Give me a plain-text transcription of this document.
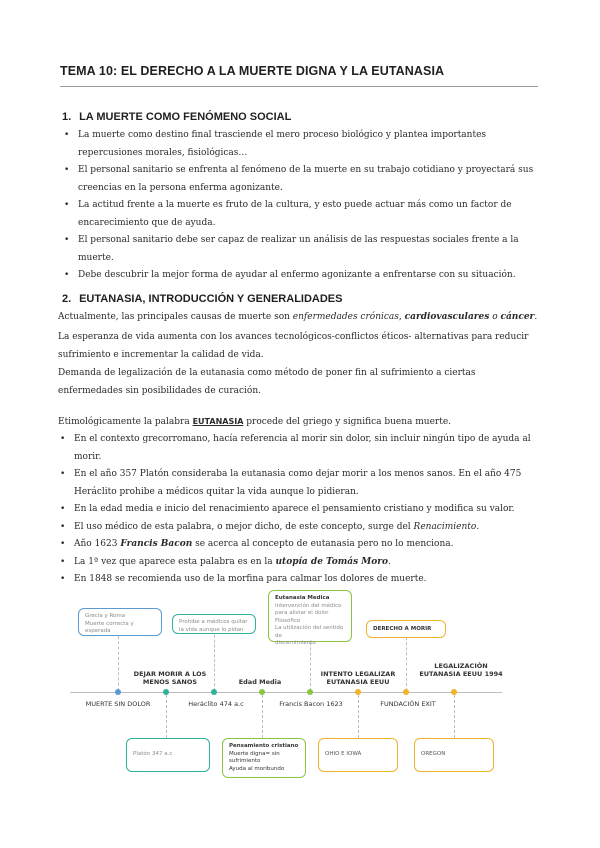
TEMA 10: EL DERECHO A LA MUERTE DIGNA Y LA EUTANASIA
1. LA MUERTE COMO FENÓMENO SOCIAL
• La muerte como destino final trasciende el mero proceso biológico y plantea importantes repercusiones morales, fisiológicas…
• El personal sanitario se enfrenta al fenómeno de la muerte en su trabajo cotidiano y proyectará sus creencias en la persona enferma agonizante.
• La actitud frente a la muerte es fruto de la cultura, y esto puede actuar más como un factor de encarecimiento que de ayuda.
• El personal sanitario debe ser capaz de realizar un análisis de las respuestas sociales frente a la muerte.
• Debe descubrir la mejor forma de ayudar al enfermo agonizante a enfrentarse con su situación.
2. EUTANASIA, INTRODUCCIÓN Y GENERALIDADES
Actualmente, las principales causas de muerte son enfermedades crónicas, cardiovasculares o cáncer.
La esperanza de vida aumenta con los avances tecnológicos-conflictos éticos- alternativas para reducir sufrimiento e incrementar la calidad de vida.
Demanda de legalización de la eutanasia como método de poner fin al sufrimiento a ciertas enfermedades sin posibilidades de curación.
Etimológicamente la palabra EUTANASIA procede del griego y significa buena muerte.
• En el contexto grecorromano, hacía referencia al morir sin dolor, sin incluir ningún tipo de ayuda al morir.
• En el año 357 Platón consideraba la eutanasia como dejar morir a los menos sanos. En el año 475 Heráclito prohibe a médicos quitar la vida aunque lo pidieran.
• En la edad media e inicio del renacimiento aparece el pensamiento cristiano y modifica su valor.
• El uso médico de esta palabra, o mejor dicho, de este concepto, surge del Renacimiento.
• Año 1623 Francis Bacon se acerca al concepto de eutanasia pero no lo menciona.
• La 1ª vez que aparece esta palabra es en la utopía de Tomás Moro.
• En 1848 se recomienda uso de la morfina para calmar los dolores de muerte.
Grecia y Roma
Muerte correcta y
esperada
Prohibe a médicos quitar
la vida aunque lo pidan
Eutanasia Medica
Intervención del médico
para aliviar el dolor
Filosófico
La utilización del sentido de
discernimiento
DERECHO A MORIR
DEJAR MORIR A LOS MENOS SANOS	Edad Media
INTENTO LEGALIZAR EUTANASIA EEUU
LEGALIZACIÓN EUTANASIA EEUU 1994
MUERTE SIN DOLOR	Heráclito 474 a.c	Francis Bacon 1623	FUNDACIÓN EXIT
Platón 347 a.c
Pensamiento cristiano
Muerte digna= sin
sufrimiento
Ayuda al moribundo
OHIO E IOWA	OREGON
